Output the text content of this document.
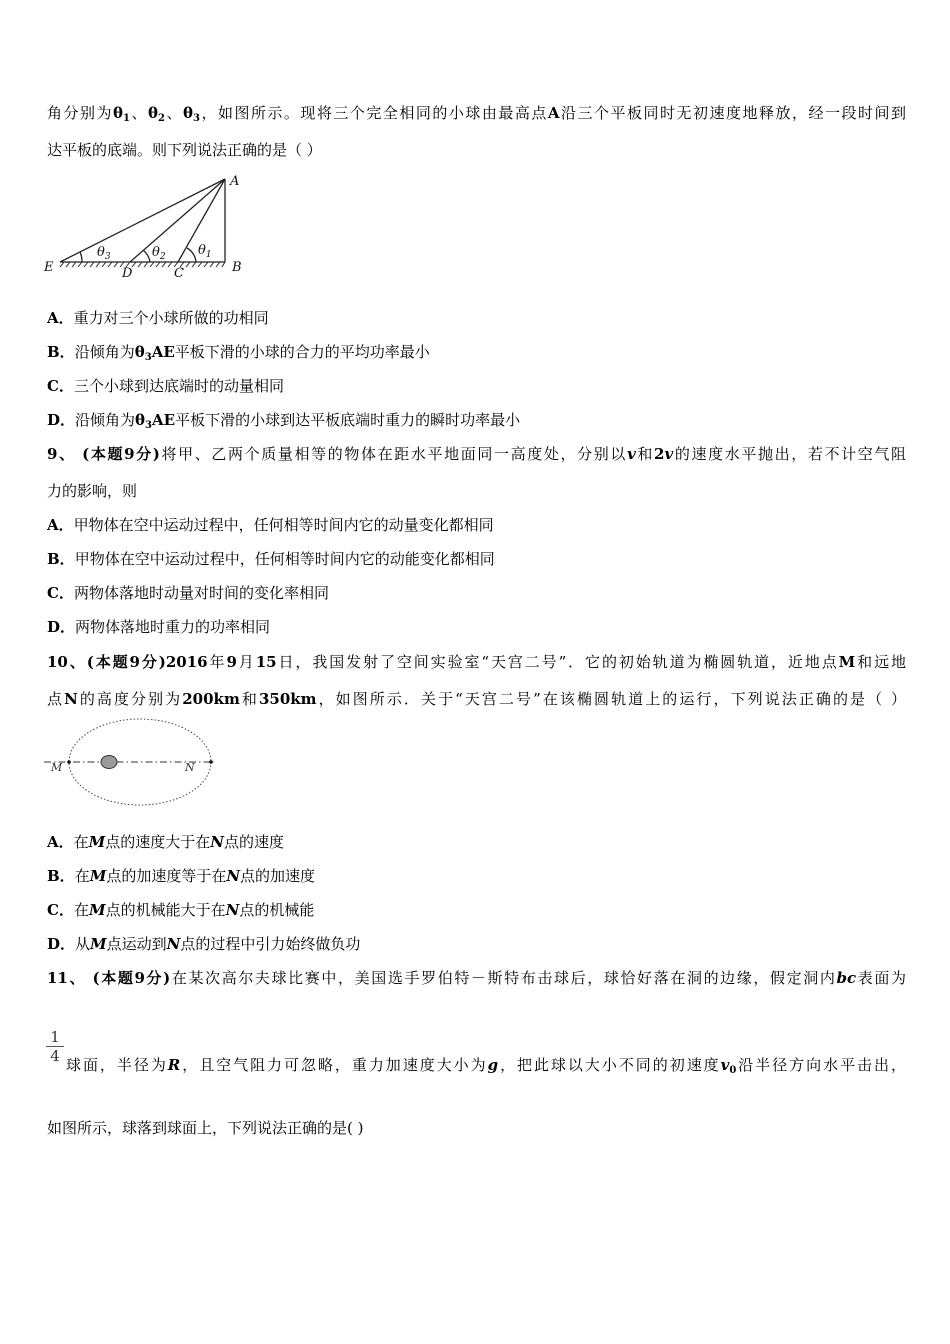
角分别为$\theta_1$、$\theta_2$、$\theta_3$，如图所示。现将三个完全相同的小球由最高点A沿三个平板同时无初速度地释放，经一段时间到
达平板的底端。则下列说法正确的是（ ）
A
B
C
D
E
$\theta_1$
$\theta_2$
$\theta_3$
A．重力对三个小球所做的功相同
B．沿倾角为$\theta_3AE$平板下滑的小球的合力的平均功率最小
C．三个小球到达底端时的动量相同
D．沿倾角为$\theta_3AE$平板下滑的小球到达平板底端时重力的瞬时功率最小
9、 (本题9分)将甲、乙两个质量相等的物体在距水平地面同一高度处，分别以v和2v的速度水平抛出，若不计空气阻
力的影响，则
A．甲物体在空中运动过程中，任何相等时间内它的动量变化都相同
B．甲物体在空中运动过程中，任何相等时间内它的动能变化都相同
C．两物体落地时动量对时间的变化率相同
D．两物体落地时重力的功率相同
10、(本题9分)2016年9月15日，我国发射了空间实验室“天宫二号”．它的初始轨道为椭圆轨道，近地点M和远地
点N的高度分别为200km和350km，如图所示．关于“天宫二号”在该椭圆轨道上的运行，下列说法正确的是（ ）
M	N
A．在M点的速度大于在N点的速度
B．在M点的加速度等于在N点的加速度
C．在M点的机械能大于在N点的机械能
D．从M点运动到N点的过程中引力始终做负功
11、 (本题9分)在某次高尔夫球比赛中，美国选手罗伯特－斯特布击球后，球恰好落在洞的边缘，假定洞内bc表面为
$\frac{1}{4}$ 球面，半径为R，且空气阻力可忽略，重力加速度大小为g，把此球以大小不同的初速度$v_0$沿半径方向水平击出，
如图所示，球落到球面上，下列说法正确的是( )
